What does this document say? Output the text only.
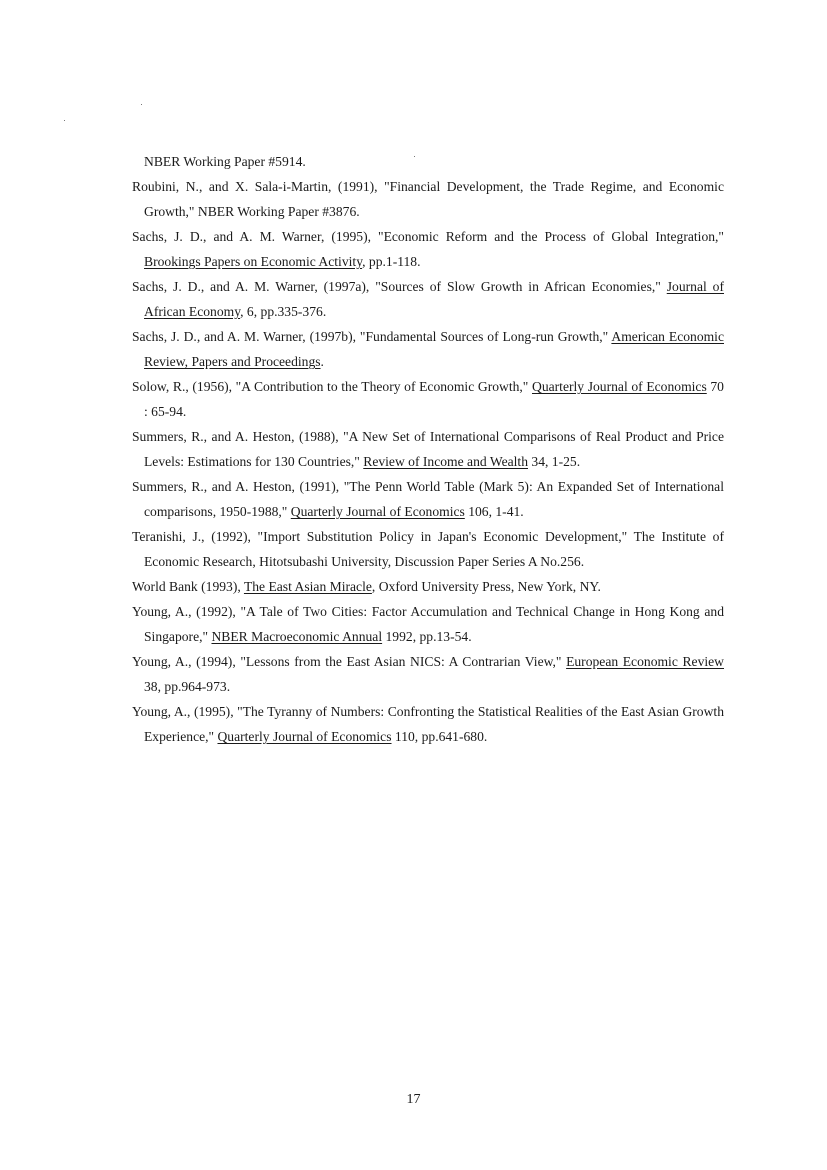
NBER Working Paper #5914.

Roubini, N., and X. Sala-i-Martin, (1991), "Financial Development, the Trade Regime, and Economic Growth," NBER Working Paper #3876.

Sachs, J. D., and A. M. Warner, (1995), "Economic Reform and the Process of Global Integration," Brookings Papers on Economic Activity, pp.1-118.

Sachs, J. D., and A. M. Warner, (1997a), "Sources of Slow Growth in African Economies," Journal of African Economy, 6, pp.335-376.

Sachs, J. D., and A. M. Warner, (1997b), "Fundamental Sources of Long-run Growth," American Economic Review, Papers and Proceedings.

Solow, R., (1956), "A Contribution to the Theory of Economic Growth," Quarterly Journal of Economics 70 : 65-94.

Summers, R., and A. Heston, (1988), "A New Set of International Comparisons of Real Product and Price Levels: Estimations for 130 Countries," Review of Income and Wealth 34, 1-25.

Summers, R., and A. Heston, (1991), "The Penn World Table (Mark 5): An Expanded Set of International comparisons, 1950-1988," Quarterly Journal of Economics 106, 1-41.

Teranishi, J., (1992), "Import Substitution Policy in Japan's Economic Development," The Institute of Economic Research, Hitotsubashi University, Discussion Paper Series A No.256.

World Bank (1993), The East Asian Miracle, Oxford University Press, New York, NY.

Young, A., (1992), "A Tale of Two Cities: Factor Accumulation and Technical Change in Hong Kong and Singapore," NBER Macroeconomic Annual 1992, pp.13-54.

Young, A., (1994), "Lessons from the East Asian NICS: A Contrarian View," European Economic Review 38, pp.964-973.

Young, A., (1995), "The Tyranny of Numbers: Confronting the Statistical Realities of the East Asian Growth Experience," Quarterly Journal of Economics 110, pp.641-680.

17
